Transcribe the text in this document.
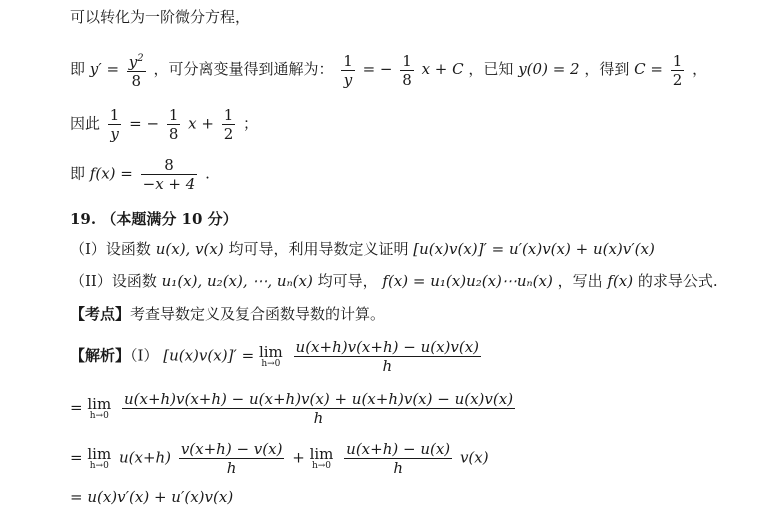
可以转化为一阶微分方程，
即 $y' = \frac{y^2}{8}$ ，可分离变量得到通解为： $\frac{1}{y}$ = − $\frac{1}{8}$ x + C ，已知 y(0) = 2 ，得到 $C = \frac{1}{2}$ ，
因此 $\frac{1}{y}$ = − $\frac{1}{8}$ $x + \frac{1}{2}$ ；
即 $f(x) = \frac{8}{-x + 4}$ .
19. （本题满分 10 分）
（I）设函数 u(x), v(x) 均可导，利用导数定义证明 [u(x)v(x)]′ = u′(x)v(x) + u(x)v′(x)
（II）设函数 u₁(x), u₂(x), ⋯, uₙ(x) 均可导， f(x) = u₁(x)u₂(x)⋯uₙ(x) ，写出 f(x) 的求导公式.
【考点】考查导数定义及复合函数导数的计算。
【解析】（I） [u(x)v(x)]′ = lim
h→0
$\frac{u(x+h)v(x+h) - u(x)v(x)}{h}$
= lim
h→0
$\frac{u(x+h)v(x+h) - u(x+h)v(x) + u(x+h)v(x) - u(x)v(x)}{h}$
= lim
h→0 $u(x+h) \frac{v(x+h) - v(x)}{h} + \lim$
h→0
$\frac{u(x+h) - u(x)}{h} v(x)$
= u(x)v′(x) + u′(x)v(x)
